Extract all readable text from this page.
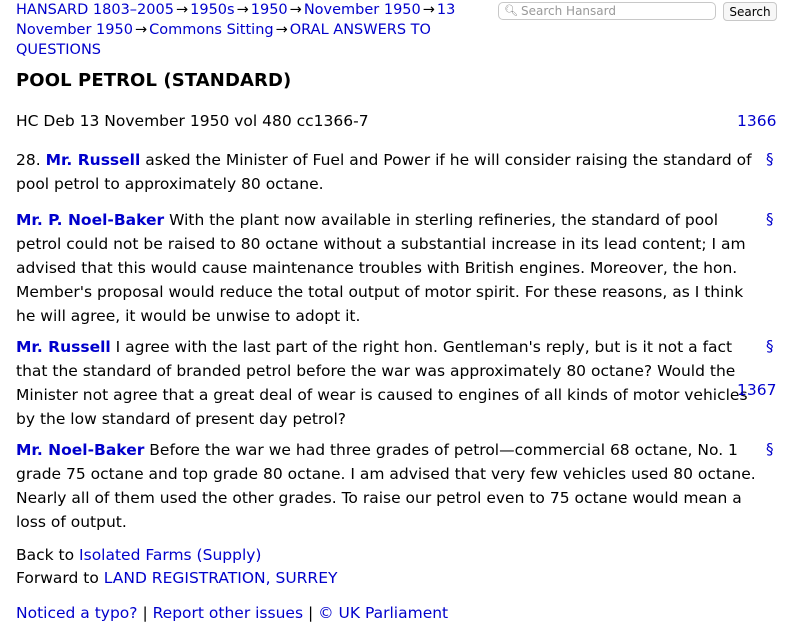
HANSARD 1803–2005 → 1950s → 1950 → November 1950 → 13 November 1950 → Commons Sitting → ORAL ANSWERS TO QUESTIONS
🔍︎
Search Hansard	Search
POOL PETROL (STANDARD)
HC Deb 13 November 1950 vol 480 cc1366-7	1366
28. Mr. Russell asked the Minister of Fuel and Power if he will consider raising the standard of pool petrol to approximately 80 octane.
§
Mr. P. Noel-Baker With the plant now available in sterling refineries, the standard of pool petrol could not be raised to 80 octane without a substantial increase in its lead content; I am advised that this would cause maintenance troubles with British engines. Moreover, the hon. Member's proposal would reduce the total output of motor spirit. For these reasons, as I think he will agree, it would be unwise to adopt it.
§
Mr. Russell I agree with the last part of the right hon. Gentleman's reply, but is it not a fact that the standard of branded petrol before the war was approximately 80 octane? Would the Minister not agree that a great deal of wear is caused to engines of all kinds of motor vehicles by the low standard of present day petrol?
§
1367
Mr. Noel-Baker Before the war we had three grades of petrol—commercial 68 octane, No. 1 grade 75 octane and top grade 80 octane. I am advised that very few vehicles used 80 octane. Nearly all of them used the other grades. To raise our petrol even to 75 octane would mean a loss of output.
§
Back to Isolated Farms (Supply)
Forward to LAND REGISTRATION, SURREY
Noticed a typo? | Report other issues | © UK Parliament
